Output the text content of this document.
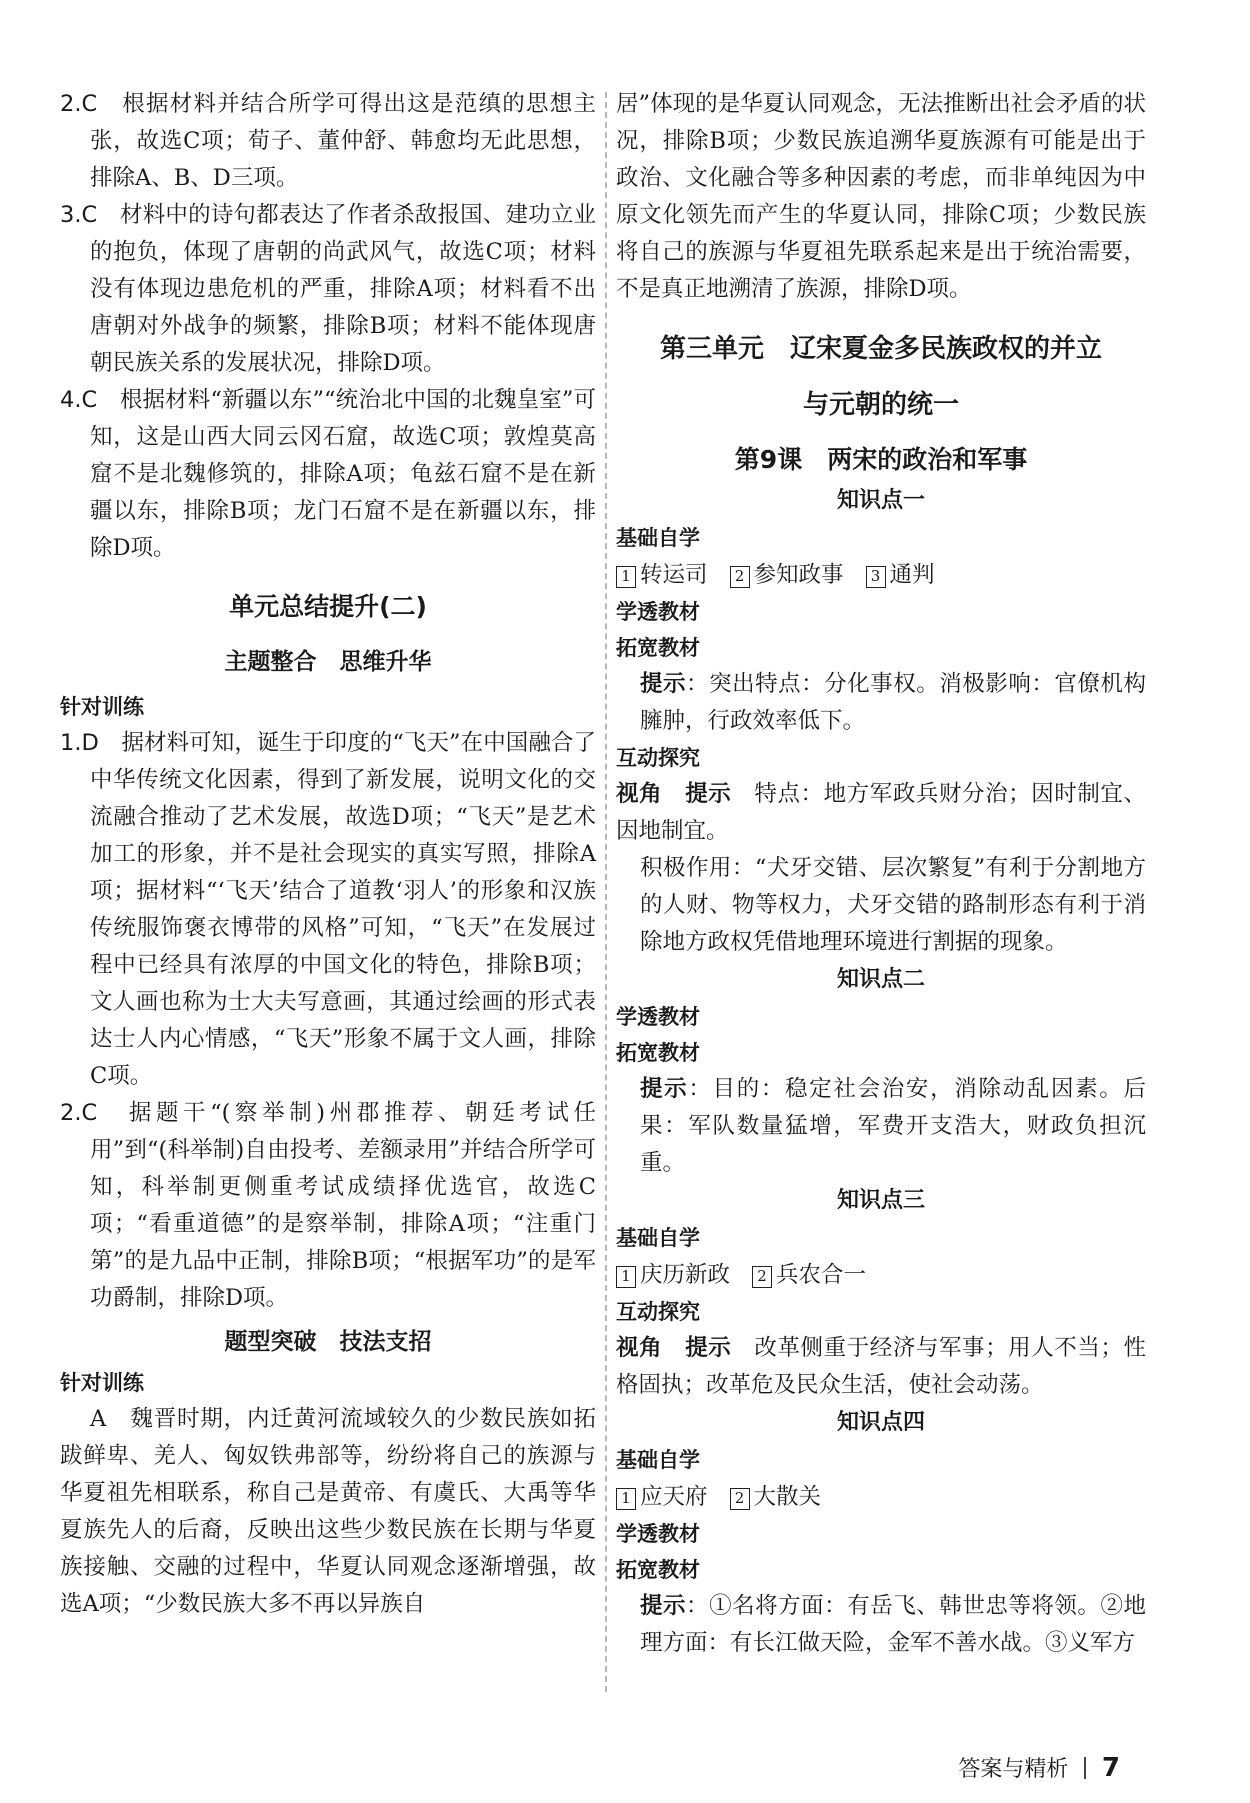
2.C　 根据材料并结合所学可得出这是范缜的思想主张，故选C项；荀子、董仲舒、韩愈均无此思想，排除A、B、D三项。

3.C　 材料中的诗句都表达了作者杀敌报国、建功立业的抱负，体现了唐朝的尚武风气，故选C项；材料没有体现边患危机的严重，排除A项；材料看不出唐朝对外战争的频繁，排除B项；材料不能体现唐朝民族关系的发展状况，排除D项。

4.C　 根据材料“新疆以东”“统治北中国的北魏皇室”可知，这是山西大同云冈石窟，故选C项；敦煌莫高窟不是北魏修筑的，排除A项；龟兹石窟不是在新疆以东，排除B项；龙门石窟不是在新疆以东，排除D项。

单元总结提升(二)

主题整合　思维升华

针对训练

1.D　 据材料可知，诞生于印度的“飞天”在中国融合了中华传统文化因素，得到了新发展，说明文化的交流融合推动了艺术发展，故选D项；“飞天”是艺术加工的形象，并不是社会现实的真实写照，排除A项；据材料“‘飞天’结合了道教‘羽人’的形象和汉族传统服饰褒衣博带的风格”可知，“飞天”在发展过程中已经具有浓厚的中国文化的特色，排除B项；文人画也称为士大夫写意画，其通过绘画的形式表达士人内心情感，“飞天”形象不属于文人画，排除C项。

2.C　 据题干“(察举制)州郡推荐、朝廷考试任用”到“(科举制)自由投考、差额录用”并结合所学可知，科举制更侧重考试成绩择优选官，故选C项；“看重道德”的是察举制，排除A项；“注重门第”的是九品中正制，排除B项；“根据军功”的是军功爵制，排除D项。

题型突破　技法支招

针对训练

A　魏晋时期，内迁黄河流域较久的少数民族如拓跋鲜卑、羌人、匈奴铁弗部等，纷纷将自己的族源与华夏祖先相联系，称自己是黄帝、有虞氏、大禹等华夏族先人的后裔，反映出这些少数民族在长期与华夏族接触、交融的过程中，华夏认同观念逐渐增强，故选A项；“少数民族大多不再以异族自

居”体现的是华夏认同观念，无法推断出社会矛盾的状况，排除B项；少数民族追溯华夏族源有可能是出于政治、文化融合等多种因素的考虑，而非单纯因为中原文化领先而产生的华夏认同，排除C项；少数民族将自己的族源与华夏祖先联系起来是出于统治需要，不是真正地溯清了族源，排除D项。

第三单元　辽宋夏金多民族政权的并立

与元朝的统一

第9课　两宋的政治和军事

知识点一

基础自学

1 转运司 2 参知政事 3 通判

学透教材

拓宽教材

提示：突出特点：分化事权。消极影响：官僚机构臃肿，行政效率低下。

互动探究

视角　提示　 特点：地方军政兵财分治；因时制宜、因地制宜。

积极作用：“犬牙交错、层次繁复”有利于分割地方的人财、物等权力，犬牙交错的路制形态有利于消除地方政权凭借地理环境进行割据的现象。

知识点二

学透教材

拓宽教材

提示：目的：稳定社会治安，消除动乱因素。后果：军队数量猛增，军费开支浩大，财政负担沉重。

知识点三

基础自学

1 庆历新政 2 兵农合一

互动探究

视角　提示　 改革侧重于经济与军事；用人不当；性格固执；改革危及民众生活，使社会动荡。

知识点四

基础自学

1 应天府 2 大散关

学透教材

拓宽教材

提示：①名将方面：有岳飞、韩世忠等将领。②地理方面：有长江做天险，金军不善水战。③义军方

答案与精析 7
